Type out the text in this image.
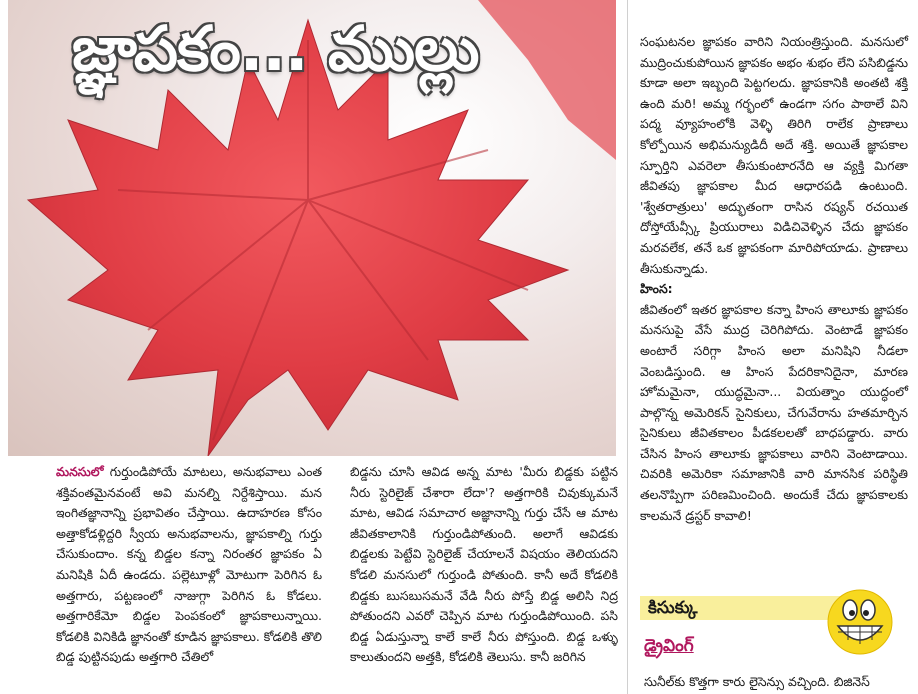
జ్ఞాపకం... ముల్లు

మనసులో గుర్తుండిపోయే మాటలు, అనుభవాలు ఎంత శక్తివంతమైనవంటే అవి మనల్ని నిర్దేశిస్తాయి. మన ఇంగితజ్ఞానాన్ని ప్రభావితం చేస్తాయి. ఉదాహరణ కోసం అత్తాకోడళ్లిద్దరి స్వీయ అనుభవాలను, జ్ఞాపకాల్ని గుర్తు చేసుకుందాం. కన్న బిడ్డల కన్నా నిరంతర జ్ఞాపకం ఏ మనిషికి ఏదీ ఉండదు. పల్లెటూళ్లో మోటుగా పెరిగిన ఓ అత్తగారు, పట్టణంలో నాజుగ్గా పెరిగిన ఓ కోడలు. అత్తగారికేమో బిడ్డల పెంపకంలో జ్ఞాపకాలున్నాయి. కోడలికి వినికిడి జ్ఞానంతో కూడిన జ్ఞాపకాలు. కోడలికి తొలి బిడ్డ పుట్టినపుడు అత్తగారి చేతిలో

బిడ్డను చూసి ఆవిడ అన్న మాట 'మీరు బిడ్డకు పట్టిన నీరు స్టెరిలైజ్ చేశారా లేదా'? అత్తగారికి చివుక్కుమనే మాట, ఆవిడ సమాచార అజ్ఞానాన్ని గుర్తు చేసే ఆ మాట జీవితకాలానికి గుర్తుండిపోతుంది. అలాగే ఆవిడకు బిడ్డలకు పెట్టేవి స్టెరిలైజ్ చేయాలనే విషయం తెలియదని కోడలి మనసులో గుర్తుండి పోతుంది. కానీ అదే కోడలికి బిడ్డకు బుసబుసమనే వేడి నీరు పోస్తే బిడ్డ అలిసి నిద్ర పోతుందని ఎవరో చెప్పిన మాట గుర్తుండిపోయింది. పసి బిడ్డ ఏడుస్తున్నా కాలే కాలే నీరు పోస్తుంది. బిడ్డ ఒళ్ళు కాలుతుందని అత్తకి, కోడలికి తెలుసు. కానీ జరిగిన

సంఘటనల జ్ఞాపకం వారిని నియంత్రిస్తుంది. మనసులో ముద్రించుకుపోయిన జ్ఞాపకం అభం శుభం లేని పసిబిడ్డను కూడా అలా ఇబ్బంది పెట్టగలదు. జ్ఞాపకానికి అంతటి శక్తి ఉంది మరి! అమ్మ గర్భంలో ఉండగా సగం పాఠాలే విని పద్మ వ్యూహంలోకి వెళ్ళి తిరిగి రాలేక ప్రాణాలు కోల్పోయిన అభిమన్యుడిదీ అదే శక్తి. అయితే జ్ఞాపకాల స్ఫూర్తిని ఎవరెలా తీసుకుంటారనేది ఆ వ్యక్తి మిగతా జీవితపు జ్ఞాపకాల మీద ఆధారపడి ఉంటుంది. 'శ్వేతరాత్రులు' అద్భుతంగా రాసిన రష్యన్ రచయిత దోస్తోయేవ్స్కీ ప్రియురాలు విడిచివెళ్ళిన చేదు జ్ఞాపకం మరవలేక, తనే ఒక జ్ఞాపకంగా మారిపోయాడు. ప్రాణాలు తీసుకున్నాడు.

హింస:

జీవితంలో ఇతర జ్ఞాపకాల కన్నా హింస తాలూకు జ్ఞాపకం మనసుపై వేసే ముద్ర చెరిగిపోదు. వెంటాడే జ్ఞాపకం అంటారే సరిగ్గా హింస అలా మనిషిని నీడలా వెంబడిస్తుంది. ఆ హింస పేదరికానిదైనా, మారణ హోమమైనా, యుద్ధమైనా... వియత్నాం యుద్ధంలో పాల్గొన్న అమెరికన్ సైనికులు, చేగువేరాను హతమార్చిన సైనికులు జీవితకాలం పీడకలలతో బాధపడ్డారు. వారు చేసిన హింస తాలూకు జ్ఞాపకాలు వారిని వెంటాడాయి. చివరికి అమెరికా సమాజానికి వారి మానసిక పరిస్థితి తలనొప్పిగా పరిణమించింది. అందుకే చేదు జ్ఞాపకాలకు కాలమనే డ్రస్టర్ కావాలి!

కిసుక్కు
డ్రైవింగ్
సునీల్‌కు కొత్తగా కారు లైసెన్సు వచ్చింది. బిజినెస్
